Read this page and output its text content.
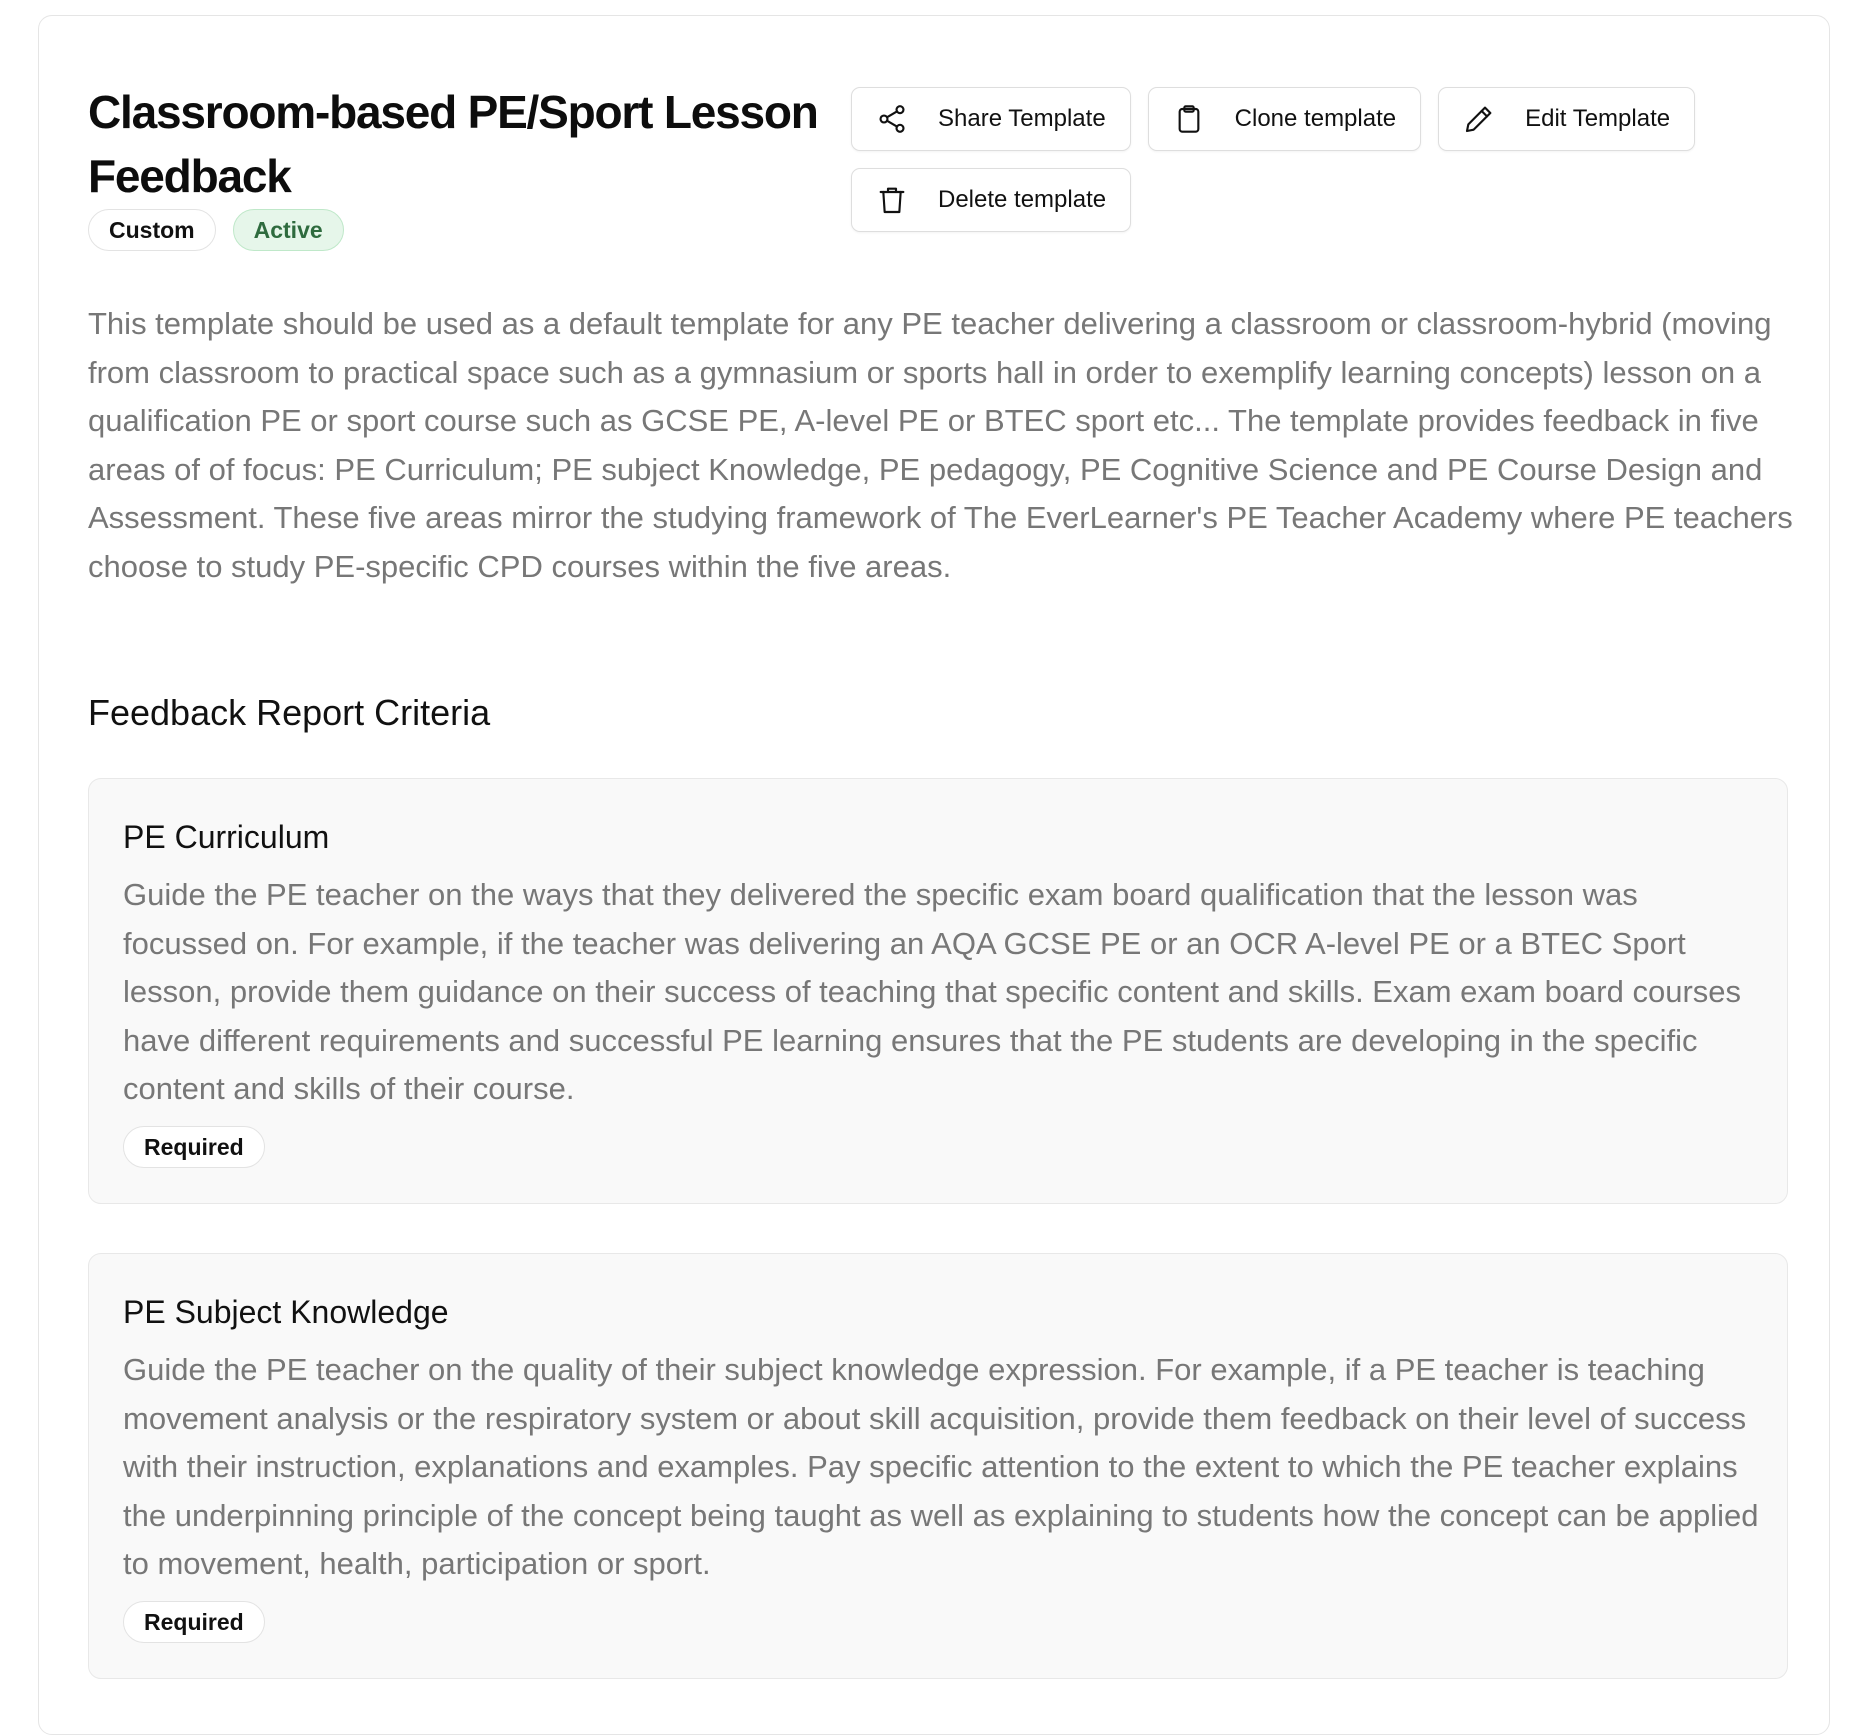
Classroom-based PE/Sport Lesson Feedback
Custom	Active
Share Template	Clone template	Edit Template
Delete template

This template should be used as a default template for any PE teacher delivering a classroom or classroom-hybrid (moving from classroom to practical space such as a gymnasium or sports hall in order to exemplify learning concepts) lesson on a qualification PE or sport course such as GCSE PE, A-level PE or BTEC sport etc... The template provides feedback in five areas of of focus: PE Curriculum; PE subject Knowledge, PE pedagogy, PE Cognitive Science and PE Course Design and Assessment. These five areas mirror the studying framework of The EverLearner's PE Teacher Academy where PE teachers choose to study PE-specific CPD courses within the five areas.

Feedback Report Criteria
PE Curriculum

Guide the PE teacher on the ways that they delivered the specific exam board qualification that the lesson was focussed on. For example, if the teacher was delivering an AQA GCSE PE or an OCR A-level PE or a BTEC Sport lesson, provide them guidance on their success of teaching that specific content and skills. Exam exam board courses have different requirements and successful PE learning ensures that the PE students are developing in the specific content and skills of their course.

Required
PE Subject Knowledge

Guide the PE teacher on the quality of their subject knowledge expression. For example, if a PE teacher is teaching movement analysis or the respiratory system or about skill acquisition, provide them feedback on their level of success with their instruction, explanations and examples. Pay specific attention to the extent to which the PE teacher explains the underpinning principle of the concept being taught as well as explaining to students how the concept can be applied to movement, health, participation or sport.

Required
